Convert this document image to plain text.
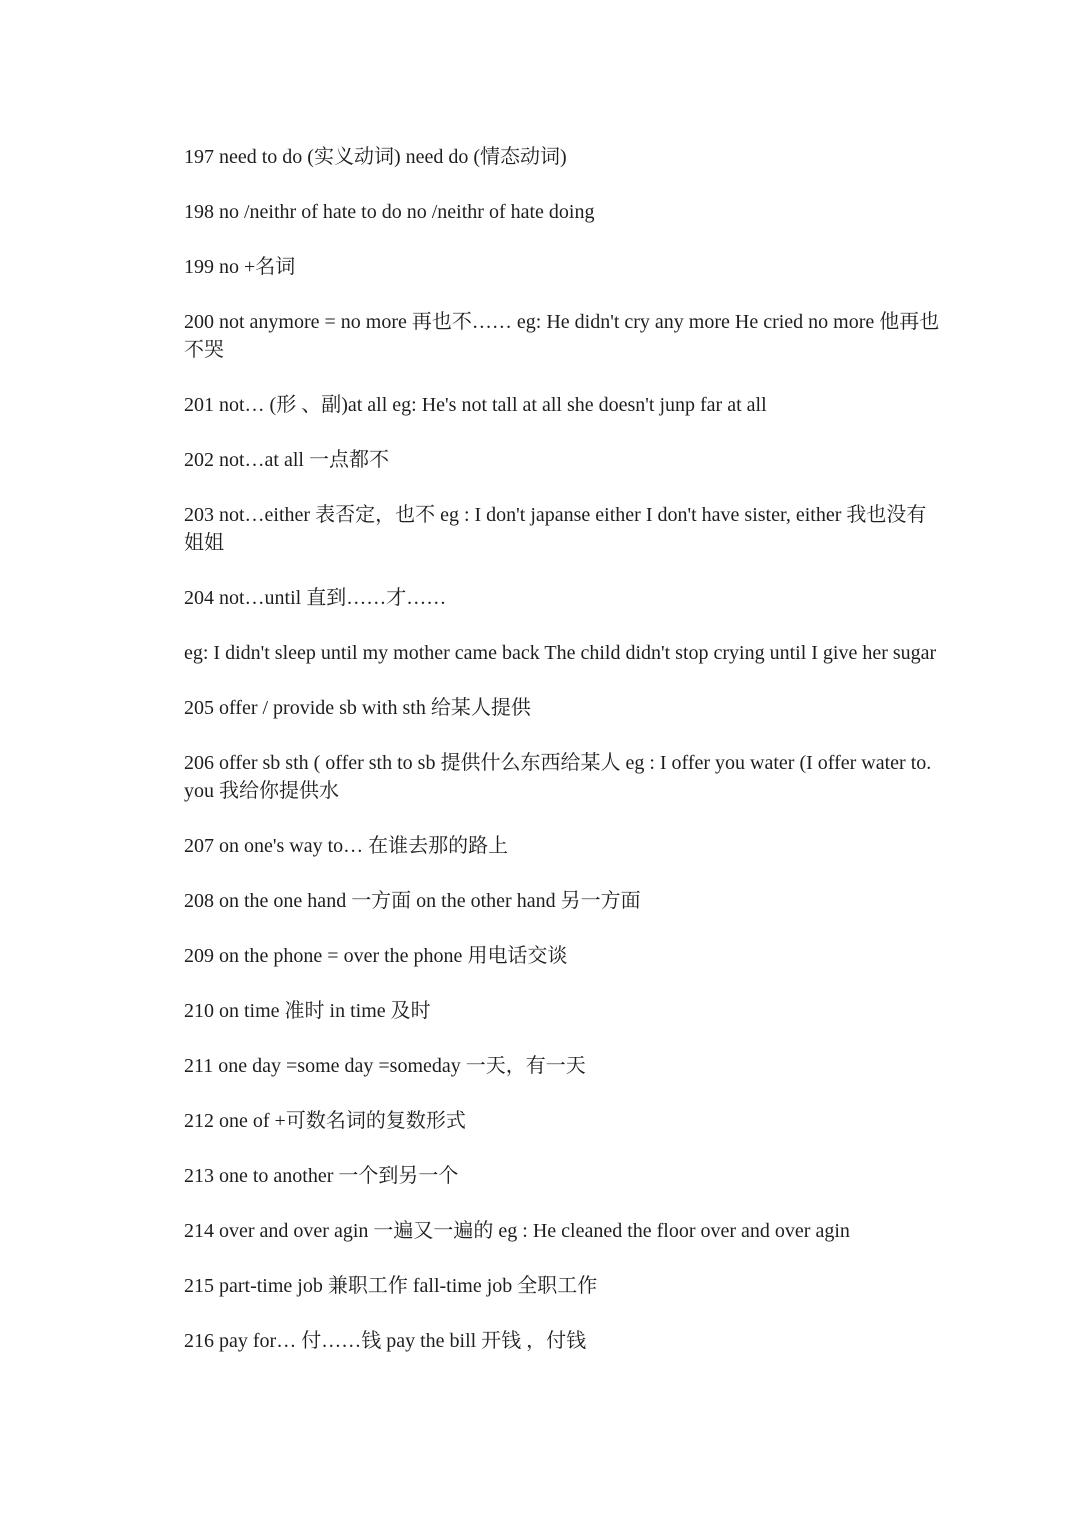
197 need to do (实义动词) need do (情态动词)
198 no /neithr of hate to do no /neithr of hate doing
199 no +名词
200 not anymore = no more 再也不…… eg: He didn't cry any more He cried no more 他再也不哭
201 not… (形 、副)at all eg: He's not tall at all she doesn't junp far at all
202 not…at all 一点都不
203 not…either 表否定，也不 eg : I don't japanse either I don't have sister, either 我也没有姐姐
204 not…until 直到……才……
eg: I didn't sleep until my mother came back The child didn't stop crying until I give her sugar
205 offer / provide sb with sth 给某人提供
206 offer sb sth ( offer sth to sb 提供什么东西给某人 eg : I offer you water (I offer water to. you 我给你提供水
207 on one's way to… 在谁去那的路上
208 on the one hand 一方面 on the other hand 另一方面
209 on the phone = over the phone 用电话交谈
210 on time 准时 in time 及时
211 one day =some day =someday 一天，有一天
212 one of +可数名词的复数形式
213 one to another 一个到另一个
214 over and over agin 一遍又一遍的 eg : He cleaned the floor over and over agin
215 part-time job 兼职工作 fall-time job 全职工作
216 pay for… 付……钱 pay the bill 开钱 ，付钱
